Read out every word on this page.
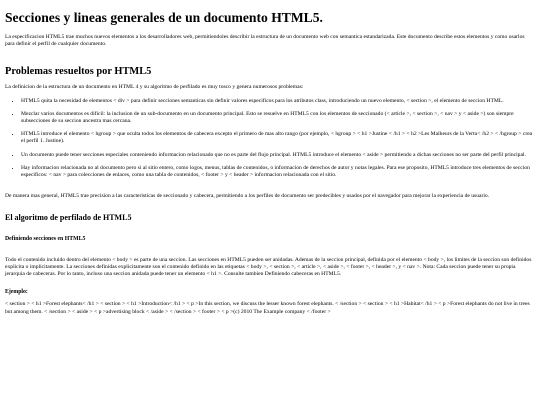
Secciones y lineas generales de un documento HTML5.

La especificacion HTML5 trae muchos nuevos elementos a los desarrolladores web, permitiendoles describir la estructura de un documento web con semantica estandarizada. Este documento describe estos elementos y como usarlos para definir el perfil de cualquier documento.

Problemas resueltos por HTML5

La definicion de la estructura de un documento en HTML 4 y su algoritmo de perfilado es muy tosco y genera numerosos problemas:

• HTML5 quita la necesidad de elementos < div > para definir secciones semanticas sin definir valores especificos para los atributos class, introduciendo un nuevo elemento, < section >, el elemento de seccion HTML.
• Mezclar varios documentos es dificil: la inclusion de un sub-documento en un documento principal. Esto se resuelve en HTML5 con los elementos de seccionado (< article >, < section >, < nav > y < aside >) son siempre subsecciones de su seccion ancestra mas cercana.
• HTML5 introduce el elemento < hgroup > que oculta todos los elementos de cabecera excepto el primero de mas alto rango (por ejemplo, < hgroup > < h1 >Justine < /h1 > < h2 >Les Malheurs de la Vertu< /h2 > < /hgroup > crea el perfil 1. Justine).
• Un documento puede tener secciones especiales conteniendo informacion relacionado que no es parte del flujo principal. HTML5 introduce el elemento < aside > permitiendo a dichas secciones no ser parte del perfil principal.
• Hay informacion relacionada no al documento pero si al sitio entero, como logos, menus, tablas de contenidos, o informacion de derechos de autor y notas legales. Para ese proposito, HTML5 introduce tres elementos de seccion especificos: < nav > para colecciones de enlaces, como una tabla de contenidos, < footer > y < header > informacion relacionada con el sitio.

De manera mas general, HTML5 trae precision a las caracteristicas de seccionado y cabecera, permitiendo a los perfiles de documento ser predecibles y usados por el navegador para mejorar la experiencia de usuario.

El algoritmo de perfilado de HTML5
Definiendo secciones en HTML5

Todo el contenido incluido dentro del elemento < body > es parte de una seccion. Las secciones en HTML5 pueden ser anidadas. Ademas de la seccion principal, definida por el elemento < body >, los limites de la seccion son definidos explicita o implicitamente. La secciones definidas explicitamente son el contenido definido en las etiquetas < body >, < section >, < article >, < aside >, < footer >, < header >, y < nav >. Nota: Cada seccion puede tener su propia jerarquia de cabeceras. Por lo tanto, incluso una seccion anidada puede tener un elemento < h1 >. Consulte tambien Definiendo cabeceras en HTML5.

Ejemplo:

< section > < h1 >Forest elephants< /h1 > < section > < h1 >Introduction< /h1 > < p >In this section, we discuss the lesser known forest elephants. < /section > < section > < h1 >Habitat< /h1 > < p >Forest elephants do not live in trees but among them. < /section > < aside > < p >advertising block < /aside > < /section > < footer > < p >(c) 2010 The Example company < /footer >
